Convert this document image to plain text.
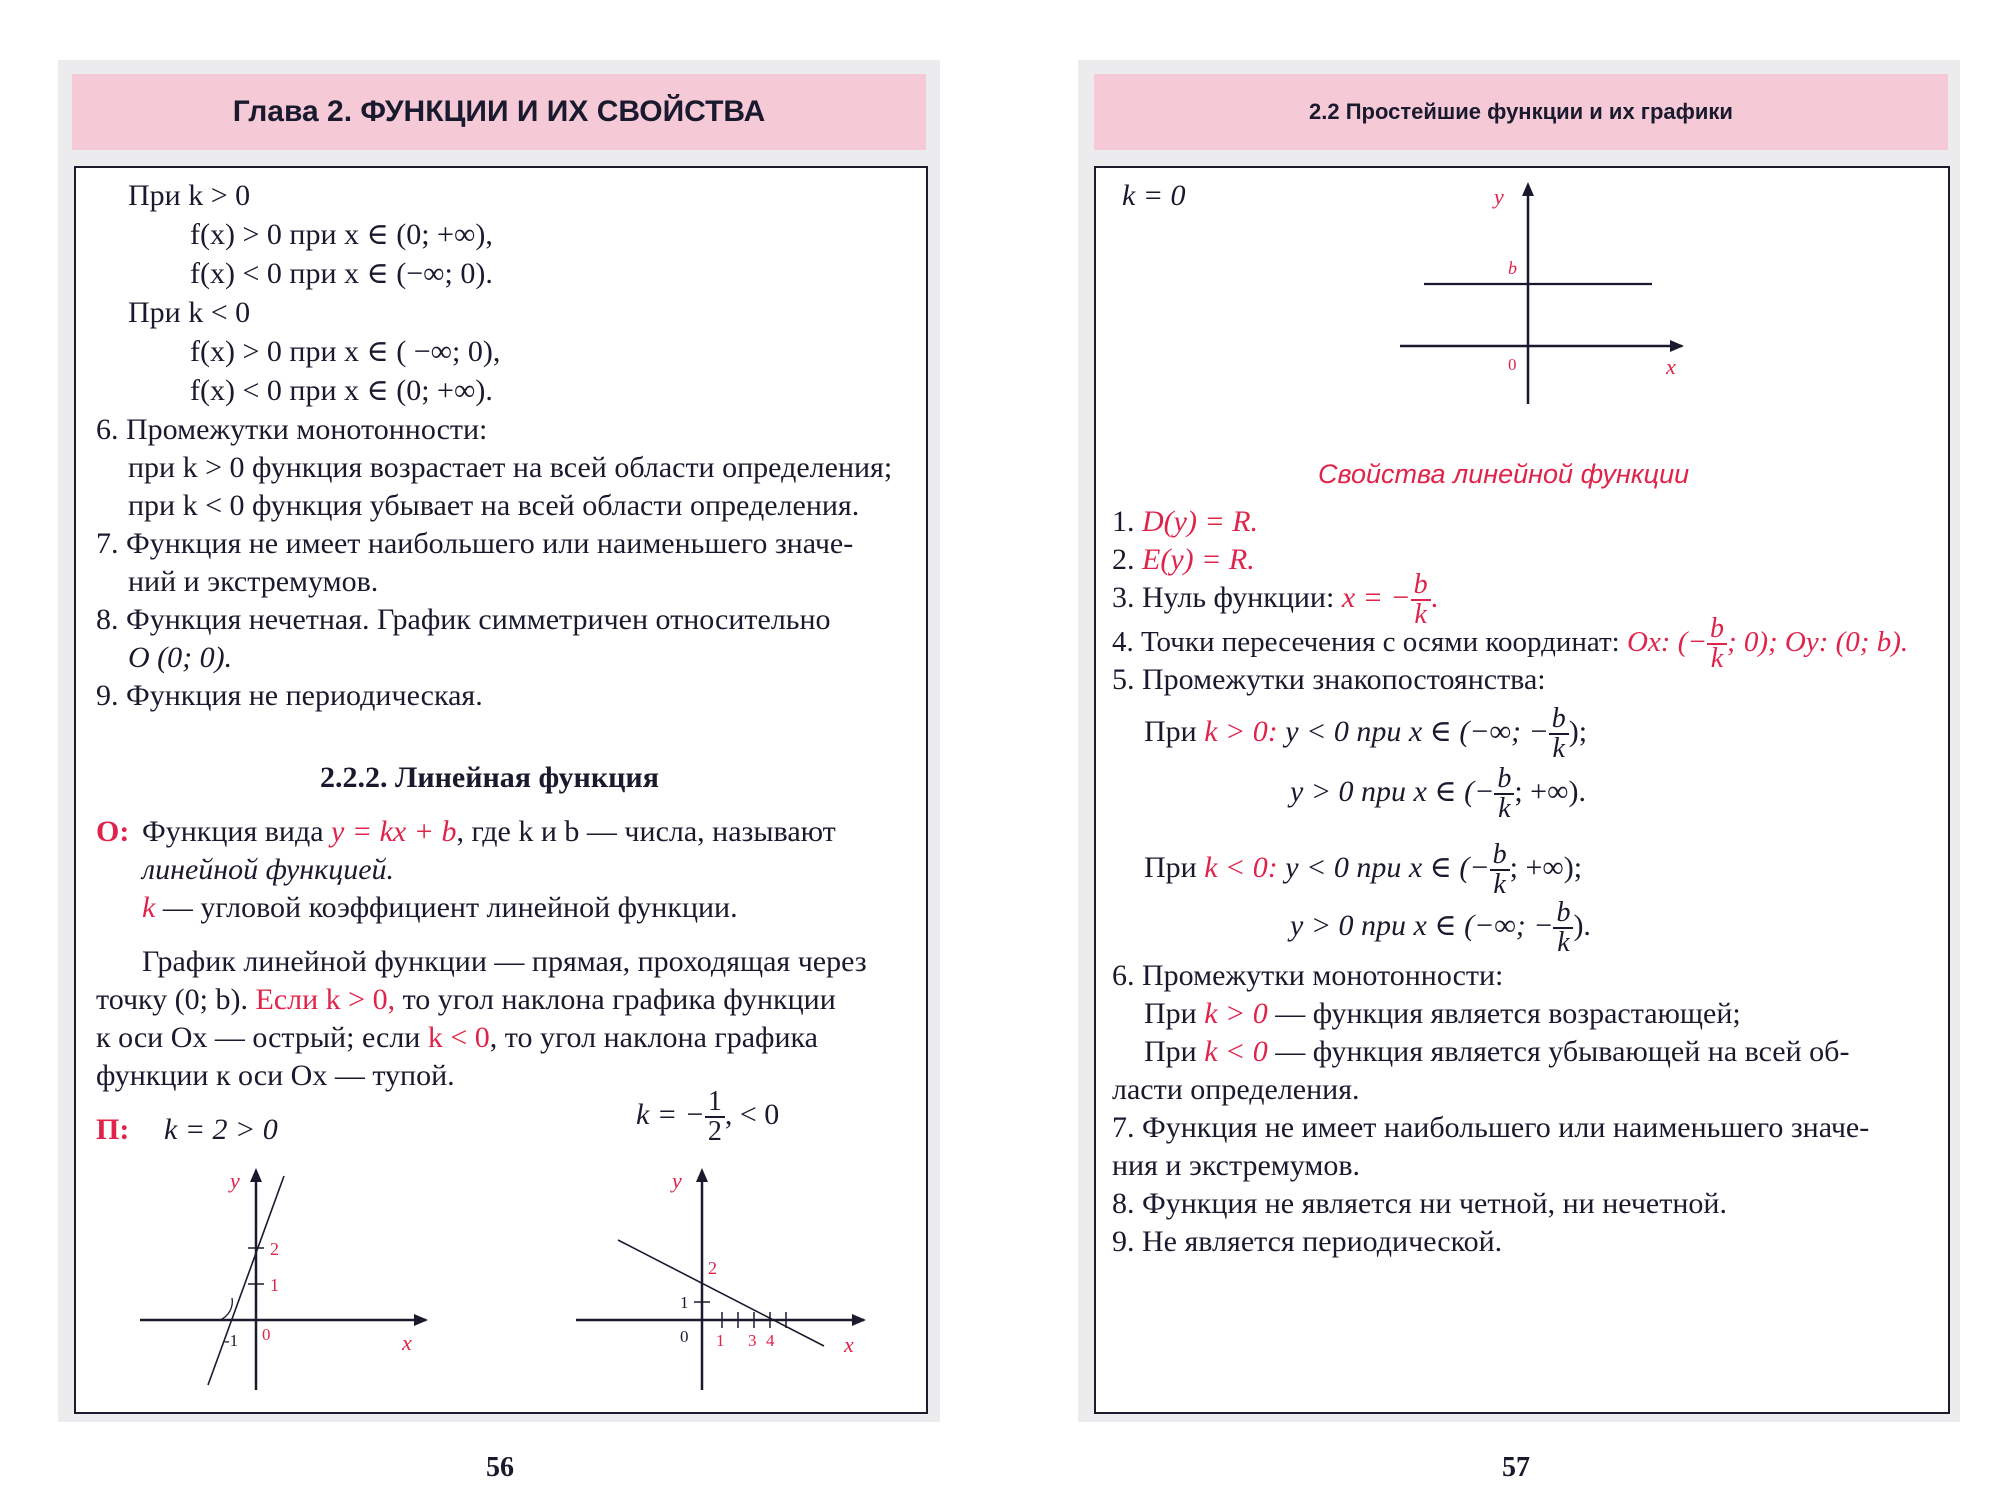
Глава 2. ФУНКЦИИ И ИХ СВОЙСТВА
При k > 0
f(x) > 0 при x ∈ (0; +∞),
f(x) < 0 при x ∈ (−∞; 0).
При k < 0
f(x) > 0 при x ∈ ( −∞; 0),
f(x) < 0 при x ∈ (0; +∞).
6. Промежутки монотонности:
при k > 0 функция возрастает на всей области определения;
при k < 0 функция убывает на всей области определения.
7. Функция не имеет наибольшего или наименьшего значе-
ний и экстремумов.
8. Функция нечетная. График симметричен относительно
O (0; 0).
9. Функция не периодическая.
2.2.2. Линейная функция
О: Функция вида y = kx + b, где k и b — числа, называют
линейной функцией.
k — угловой коэффициент линейной функции.
График линейной функции — прямая, проходящая через
точку (0; b). Если k > 0, то угол наклона графика функции
к оси Ox — острый; если k < 0, то угол наклона графика
функции к оси Ox — тупой.
П: k = 2 > 0	k = − $\frac{1}{2}$ , < 0
y
x
2
1
-1 0
y
x
2
1
0 1 3 4
56
2.2 Простейшие функции и их графики
k = 0	y
x
b
0
Свойства линейной функции
1. D(y) = R.
2. E(y) = R.
3. Нуль функции: x = − $\frac{b}{k}$ .
4. Точки пересечения с осями координат: Ox: (− $\frac{b}{k}$ ; 0); Oy: (0; b).
5. Промежутки знакопостоянства:
При k > 0: y < 0 при x ∈ (−∞; − $\frac{b}{k}$ );
y > 0 при x ∈ (− $\frac{b}{k}$ ; +∞).
При k < 0: y < 0 при x ∈ (− $\frac{b}{k}$ ; +∞);
y > 0 при x ∈ (−∞; − $\frac{b}{k}$ ).
6. Промежутки монотонности:
При k > 0 — функция является возрастающей;
При k < 0 — функция является убывающей на всей об-
ласти определения.
7. Функция не имеет наибольшего или наименьшего значе-
ния и экстремумов.
8. Функция не является ни четной, ни нечетной.
9. Не является периодической.
57
